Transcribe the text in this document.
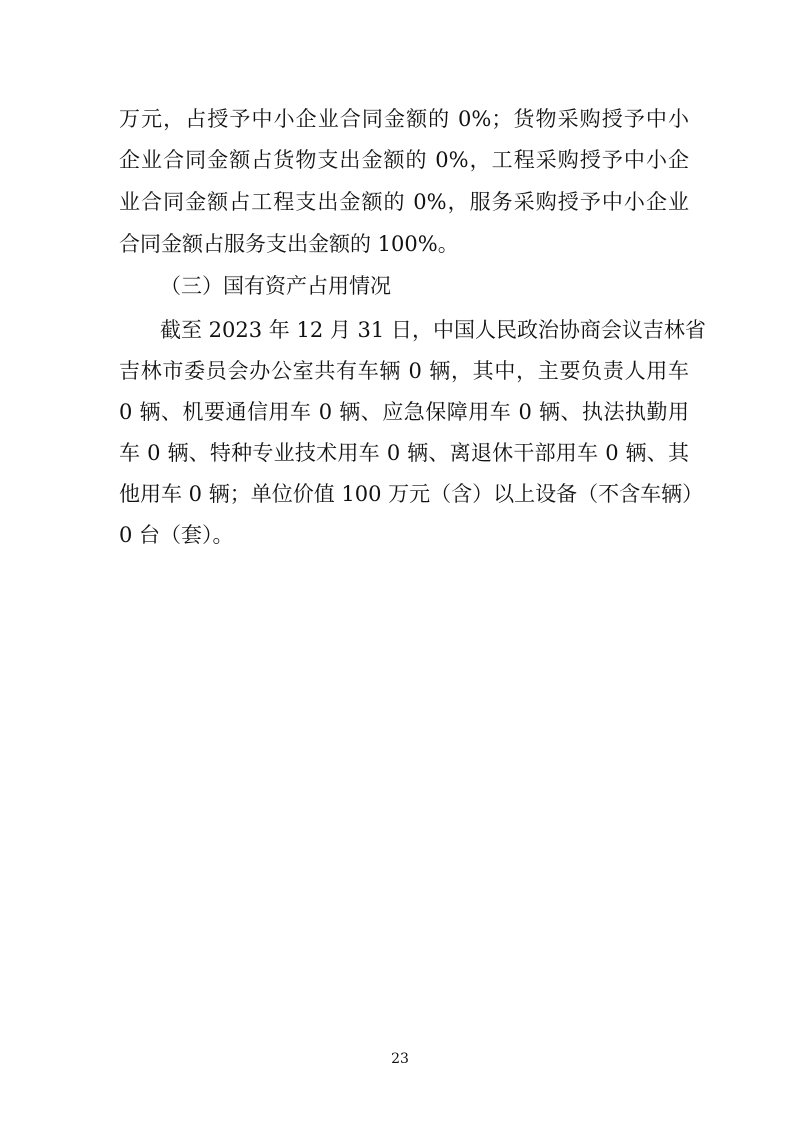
万元，占授予中小企业合同金额的 0%；货物采购授予中小
企业合同金额占货物支出金额的 0%，工程采购授予中小企
业合同金额占工程支出金额的 0%，服务采购授予中小企业
合同金额占服务支出金额的 100%。
（三）国有资产占用情况
截至 2023 年 12 月 31 日，中国人民政治协商会议吉林省
吉林市委员会办公室共有车辆 0 辆，其中，主要负责人用车
0 辆、机要通信用车 0 辆、应急保障用车 0 辆、执法执勤用
车 0 辆、特种专业技术用车 0 辆、离退休干部用车 0 辆、其
他用车 0 辆；单位价值 100 万元（含）以上设备（不含车辆）
0 台（套）。
23
